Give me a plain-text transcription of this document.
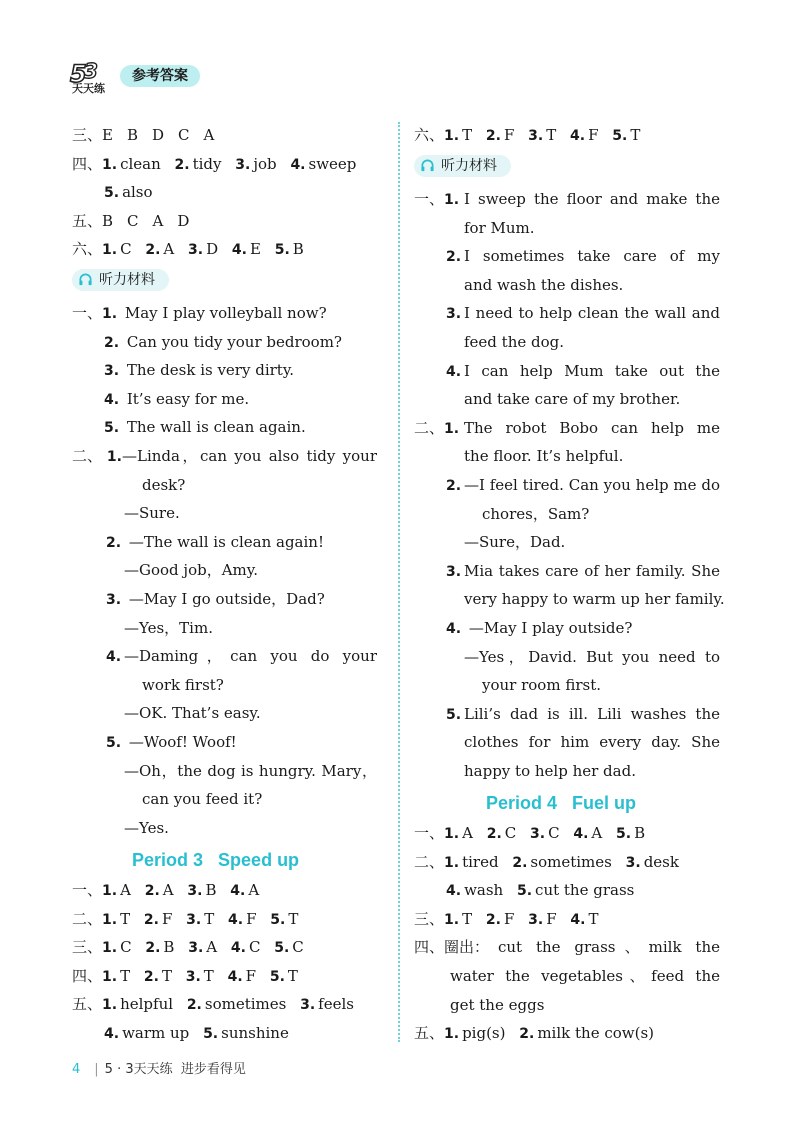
5
3
天天练
参考答案
三、E B D C A
四、1. clean 2. tidy 3. job 4. sweep
5. also
五、B C A D
六、1. C 2. A 3. D 4. E 5. B
听力材料
一、1. May I play volleyball now?
2. Can you tidy your bedroom?
3. The desk is very dirty.
4. It’s easy for me.
5. The wall is clean again.
二、 1. —Linda，can you also tidy your
desk?
—Sure.
2. —The wall is clean again!
—Good job，Amy.
3. —May I go outside，Dad?
—Yes，Tim.
4. —Daming，can you do your
work first?
—OK. That’s easy.
5. —Woof! Woof!
—Oh，the dog is hungry. Mary，
can you feed it?
—Yes.
Period 3 Speed up
一、1. A 2. A 3. B 4. A
二、1. T 2. F 3. T 4. F 5. T
三、1. C 2. B 3. A 4. C 5. C
四、1. T 2. T 3. T 4. F 5. T
五、1. helpful 2. sometimes 3. feels
4. warm up 5. sunshine
六、1. T 2. F 3. T 4. F 5. T
听力材料
一、1. I sweep the floor and make the
for Mum.
2. I sometimes take care of my
and wash the dishes.
3. I need to help clean the wall and
feed the dog.
4. I can help Mum take out the
and take care of my brother.
二、1. The robot Bobo can help me
the floor. It’s helpful.
2. —I feel tired. Can you help me do
chores，Sam?
—Sure，Dad.
3. Mia takes care of her family. She
very happy to warm up her family.
4. —May I play outside?
—Yes，David. But you need to
your room first.
5. Lili’s dad is ill. Lili washes the
clothes for him every day. She
happy to help her dad.
Period 4 Fuel up
一、1. A 2. C 3. C 4. A 5. B
二、1. tired 2. sometimes 3. desk
4. wash 5. cut the grass
三、1. T 2. F 3. F 4. T
四、圈出： cut the grass、milk the
water the vegetables、feed the
get the eggs
五、1. pig(s) 2. milk the cow(s)
4 | 5 · 3天天练 进步看得见
